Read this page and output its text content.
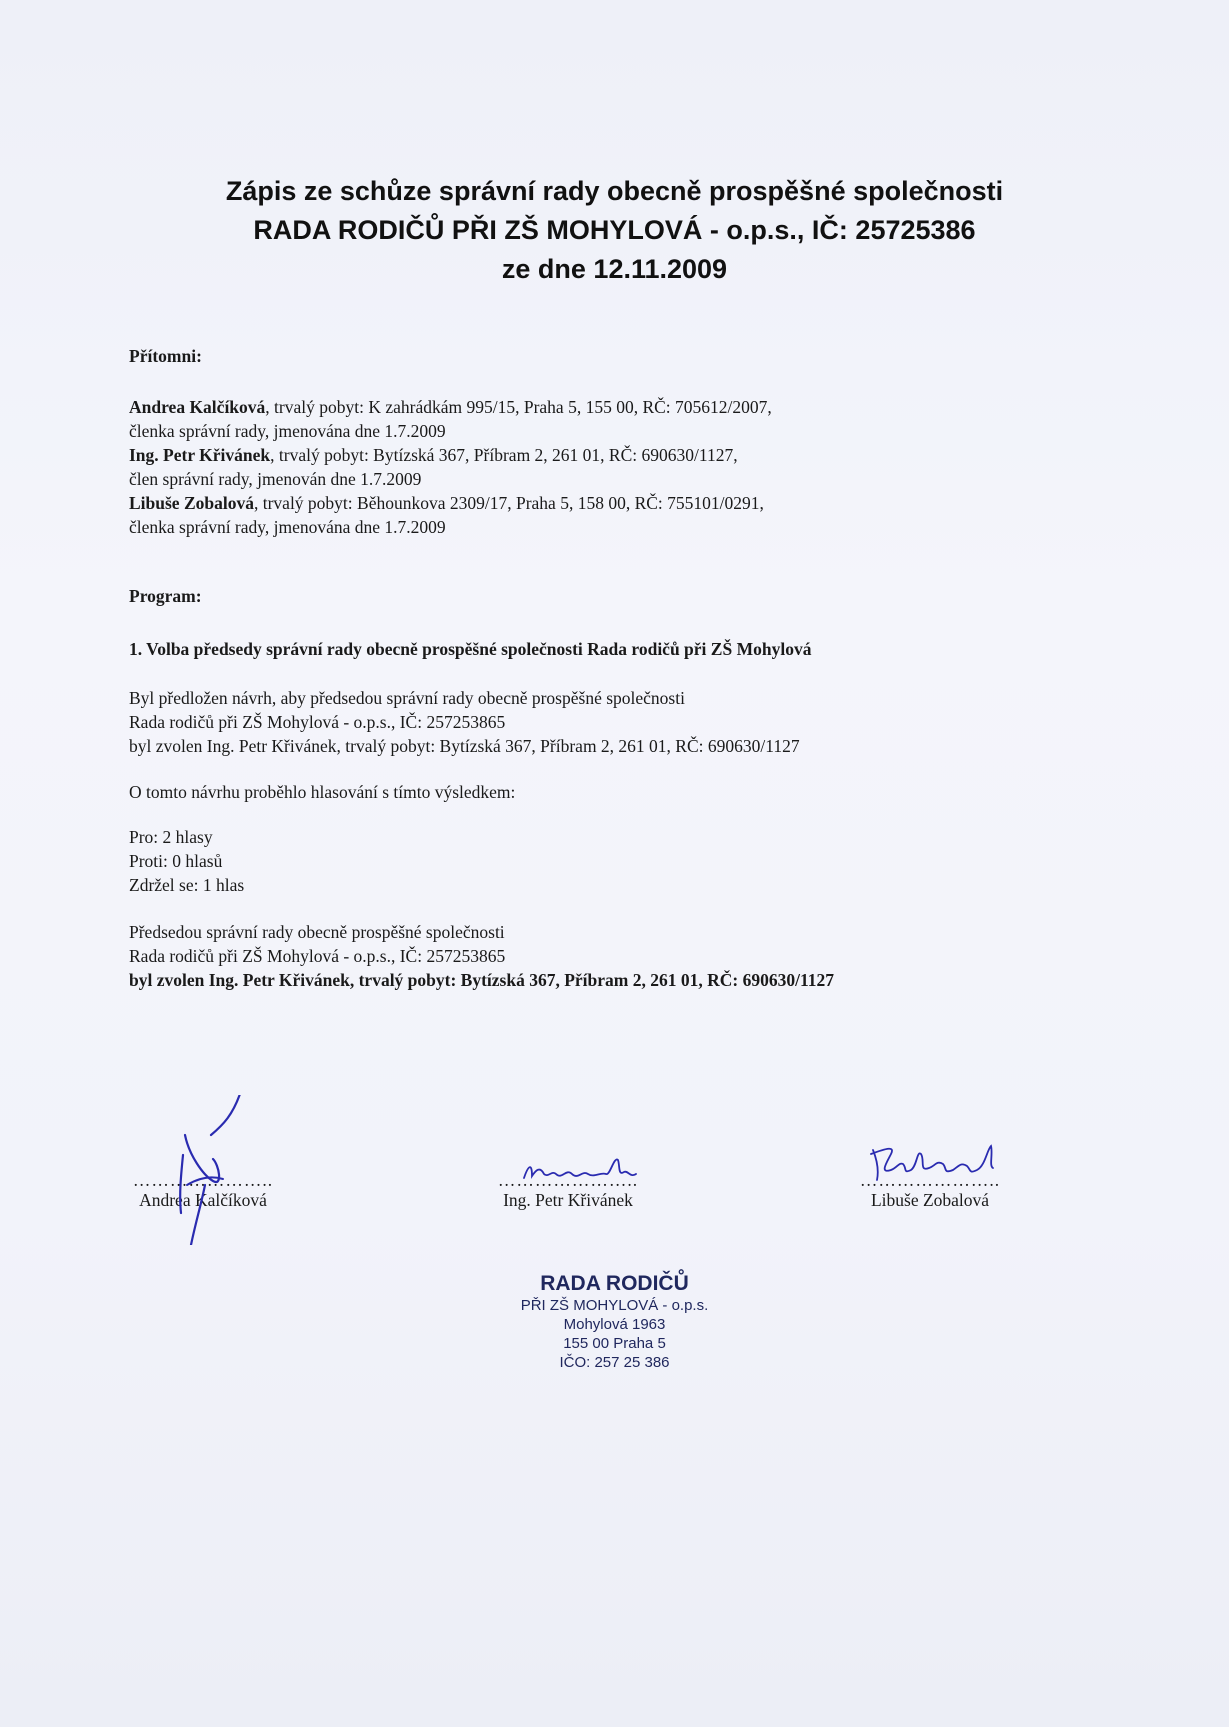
Zápis ze schůze správní rady obecně prospěšné společnosti
RADA RODIČŮ PŘI ZŠ MOHYLOVÁ - o.p.s., IČ: 25725386
ze dne 12.11.2009
Přítomni:
Andrea Kalčíková, trvalý pobyt: K zahrádkám 995/15, Praha 5, 155 00, RČ: 705612/2007,
členka správní rady, jmenována dne 1.7.2009
Ing. Petr Křivánek, trvalý pobyt: Bytízská 367, Příbram 2, 261 01, RČ: 690630/1127,
člen správní rady, jmenován dne 1.7.2009
Libuše Zobalová, trvalý pobyt: Běhounkova 2309/17, Praha 5, 158 00, RČ: 755101/0291,
členka správní rady, jmenována dne 1.7.2009
Program:
1. Volba předsedy správní rady obecně prospěšné společnosti Rada rodičů při ZŠ Mohylová
Byl předložen návrh, aby předsedou správní rady obecně prospěšné společnosti
Rada rodičů při ZŠ Mohylová - o.p.s., IČ: 257253865
byl zvolen Ing. Petr Křivánek, trvalý pobyt: Bytízská 367, Příbram 2, 261 01, RČ: 690630/1127
O tomto návrhu proběhlo hlasování s tímto výsledkem:
Pro: 2 hlasy
Proti: 0 hlasů
Zdržel se: 1 hlas
Předsedou správní rady obecně prospěšné společnosti
Rada rodičů při ZŠ Mohylová - o.p.s., IČ: 257253865
byl zvolen Ing. Petr Křivánek, trvalý pobyt: Bytízská 367, Příbram 2, 261 01, RČ: 690630/1127
…………………..
Andrea Kalčíková
…………………..
Ing. Petr Křivánek
…………………..
Libuše Zobalová
RADA RODIČŮ
PŘI ZŠ MOHYLOVÁ - o.p.s.
Mohylová 1963
155 00 Praha 5
IČO: 257 25 386
